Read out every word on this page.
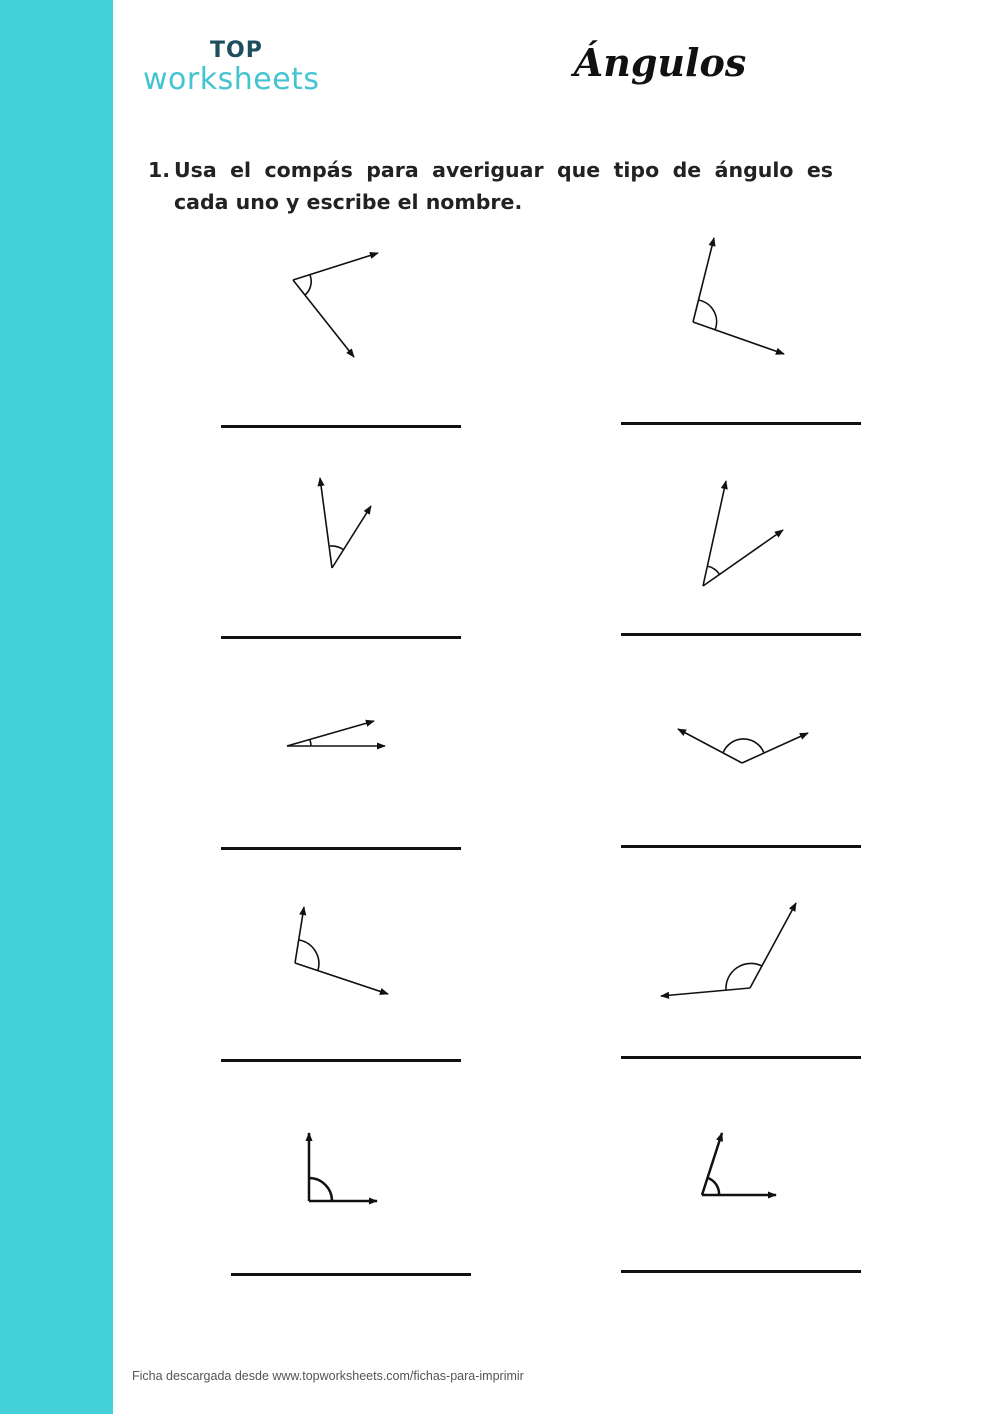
TOP
worksheets	Ángulos
1. Usa el compás para averiguar que tipo de ángulo es cada uno y escribe el nombre.
Ficha descargada desde www.topworksheets.com/fichas-para-imprimir
